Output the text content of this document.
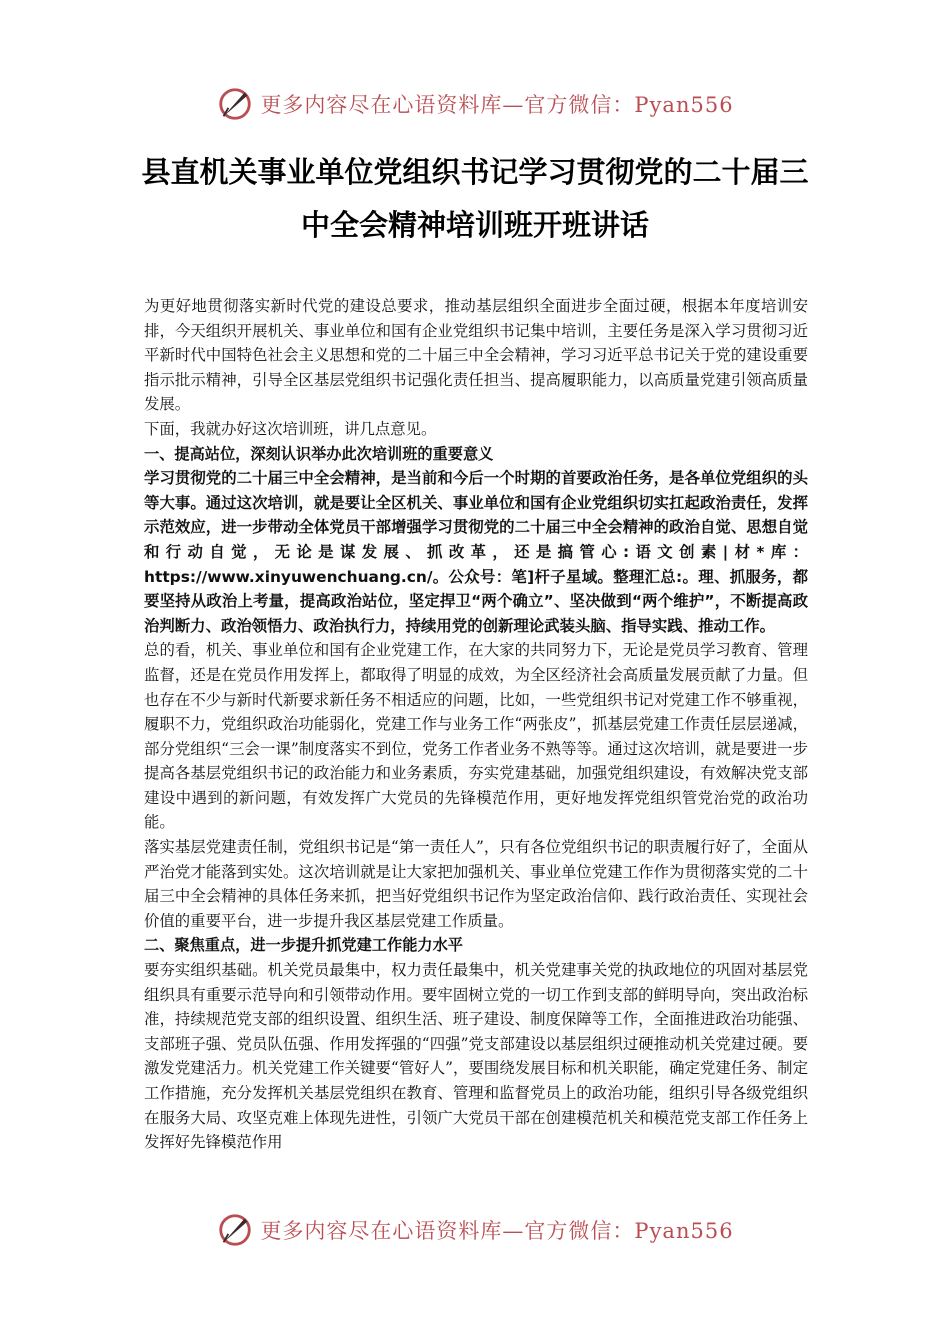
更多内容尽在心语资料库—官方微信：Pyan556
县直机关事业单位党组织书记学习贯彻党的二十届三
中全会精神培训班开班讲话

为更好地贯彻落实新时代党的建设总要求，推动基层组织全面进步全面过硬，根据本年度培训安排，今天组织开展机关、事业单位和国有企业党组织书记集中培训，主要任务是深入学习贯彻习近平新时代中国特色社会主义思想和党的二十届三中全会精神，学习习近平总书记关于党的建设重要指示批示精神，引导全区基层党组织书记强化责任担当、提高履职能力，以高质量党建引领高质量发展。

下面，我就办好这次培训班，讲几点意见。

一、提高站位，深刻认识举办此次培训班的重要意义

学习贯彻党的二十届三中全会精神，是当前和今后一个时期的首要政治任务，是各单位党组织的头等大事。通过这次培训，就是要让全区机关、事业单位和国有企业党组织切实扛起政治责任，发挥示范效应，进一步带动全体党员干部增强学习贯彻党的二十届三中全会精神的政治自觉、思想自觉和行动自觉，无论是谋发展、抓改革，还是搞管心:语文创素|材*库：https://www.xinyuwenchuang.cn/。公众号：笔]杆子星域。整理汇总:。理、抓服务，都要坚持从政治上考量，提高政治站位，坚定捍卫“两个确立”、坚决做到“两个维护”，不断提高政治判断力、政治领悟力、政治执行力，持续用党的创新理论武装头脑、指导实践、推动工作。

总的看，机关、事业单位和国有企业党建工作，在大家的共同努力下，无论是党员学习教育、管理监督，还是在党员作用发挥上，都取得了明显的成效，为全区经济社会高质量发展贡献了力量。但也存在不少与新时代新要求新任务不相适应的问题，比如，一些党组织书记对党建工作不够重视，履职不力，党组织政治功能弱化，党建工作与业务工作“两张皮”，抓基层党建工作责任层层递减，部分党组织“三会一课”制度落实不到位，党务工作者业务不熟等等。通过这次培训，就是要进一步提高各基层党组织书记的政治能力和业务素质，夯实党建基础，加强党组织建设，有效解决党支部建设中遇到的新问题，有效发挥广大党员的先锋模范作用，更好地发挥党组织管党治党的政治功能。

落实基层党建责任制，党组织书记是“第一责任人”，只有各位党组织书记的职责履行好了，全面从严治党才能落到实处。这次培训就是让大家把加强机关、事业单位党建工作作为贯彻落实党的二十届三中全会精神的具体任务来抓，把当好党组织书记作为坚定政治信仰、践行政治责任、实现社会价值的重要平台，进一步提升我区基层党建工作质量。

二、聚焦重点，进一步提升抓党建工作能力水平

要夯实组织基础。机关党员最集中，权力责任最集中，机关党建事关党的执政地位的巩固对基层党组织具有重要示范导向和引领带动作用。要牢固树立党的一切工作到支部的鲜明导向，突出政治标准，持续规范党支部的组织设置、组织生活、班子建设、制度保障等工作，全面推进政治功能强、支部班子强、党员队伍强、作用发挥强的“四强”党支部建设以基层组织过硬推动机关党建过硬。要激发党建活力。机关党建工作关键要“管好人”，要围绕发展目标和机关职能，确定党建任务、制定工作措施，充分发挥机关基层党组织在教育、管理和监督党员上的政治功能，组织引导各级党组织在服务大局、攻坚克难上体现先进性，引领广大党员干部在创建模范机关和模范党支部工作任务上发挥好先锋模范作用

更多内容尽在心语资料库—官方微信：Pyan556
